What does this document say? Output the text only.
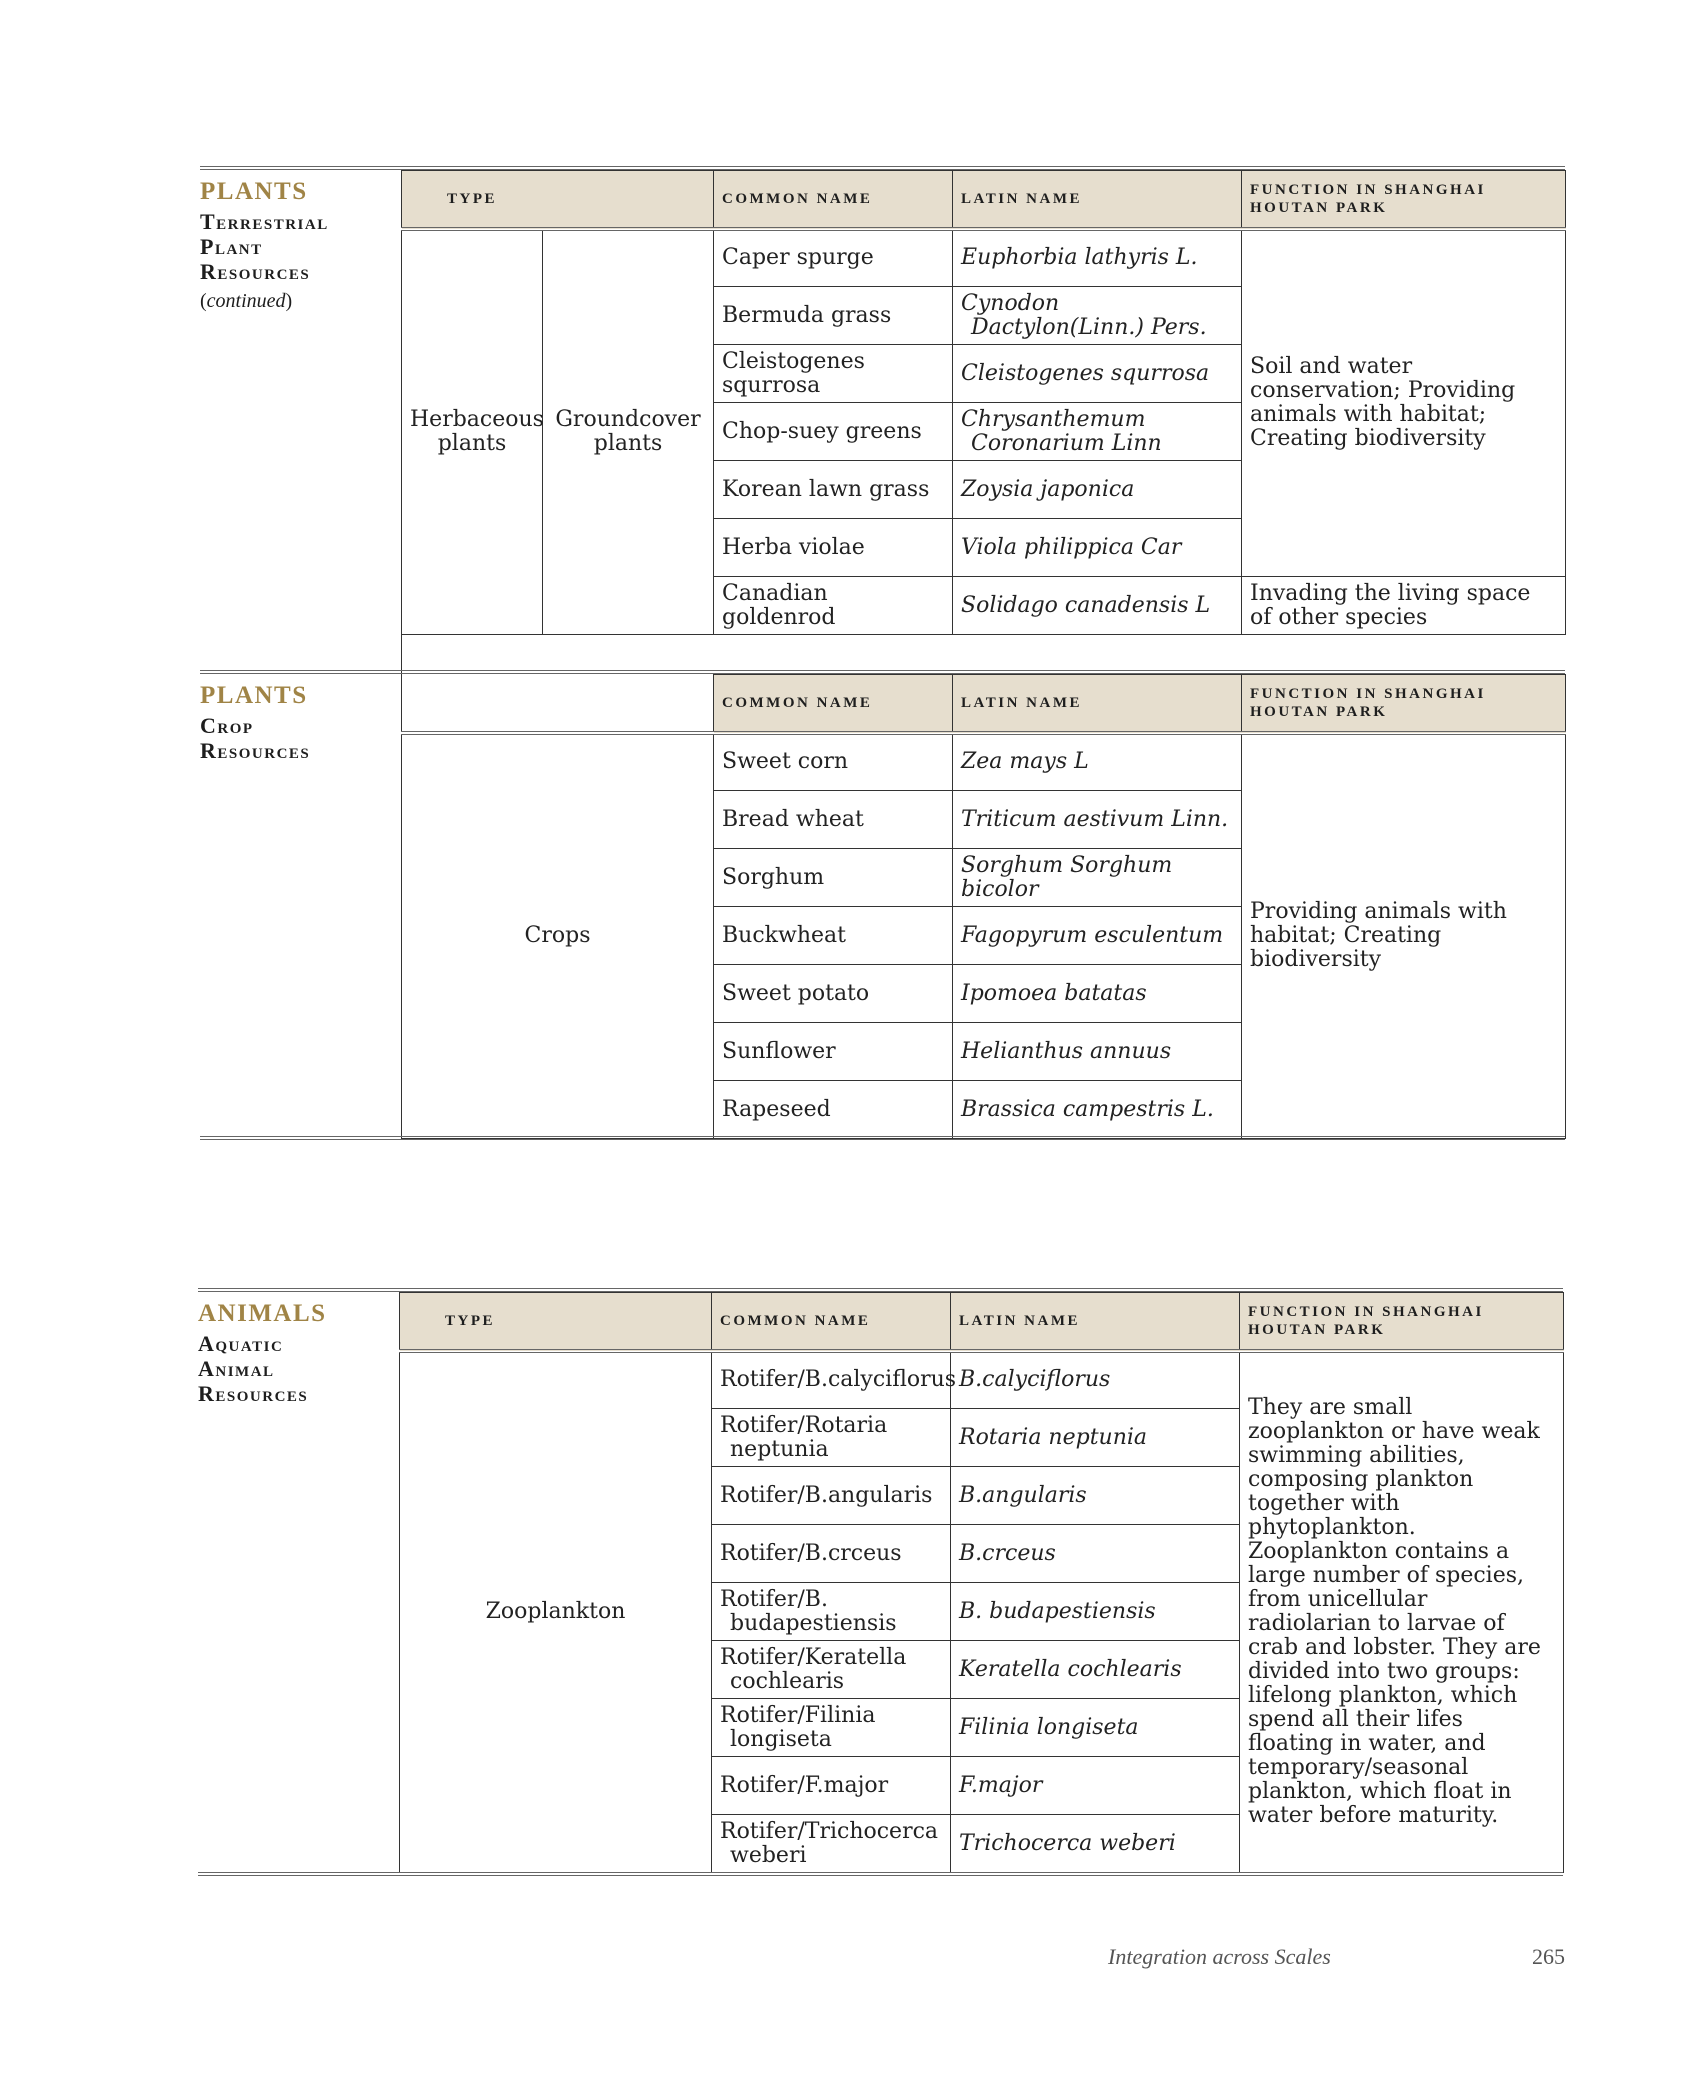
PLANTS
Terrestrial
Plant
Resources
(continued)
TYPE		COMMON NAME	LATIN NAME	FUNCTION IN SHANGHAI HOUTAN PARK
Herbaceous plants	Groundcover plants	Caper spurge	Euphorbia lathyris L.	Soil and water conservation; Providing animals with habitat; Creating biodiversity
		Bermuda grass	Cynodon Dactylon(Linn.) Pers.	
		Cleistogenes squrrosa	Cleistogenes squrrosa	
		Chop-suey greens	Chrysanthemum Coronarium Linn	
		Korean lawn grass	Zoysia japonica	
		Herba violae	Viola philippica Car	
		Canadian goldenrod	Solidago canadensis L	Invading the living space of other species

PLANTS
Crop
Resources
	COMMON NAME	LATIN NAME	FUNCTION IN SHANGHAI HOUTAN PARK
Crops	Sweet corn	Zea mays L	Providing animals with habitat; Creating biodiversity
	Bread wheat	Triticum aestivum Linn.	
	Sorghum	Sorghum Sorghum bicolor	
	Buckwheat	Fagopyrum esculentum	
	Sweet potato	Ipomoea batatas	
	Sunflower	Helianthus annuus	
	Rapeseed	Brassica campestris L.	
ANIMALS
Aquatic
Animal
Resources
TYPE	COMMON NAME	LATIN NAME	FUNCTION IN SHANGHAI HOUTAN PARK
Zooplankton	Rotifer/B.calyciflorus	B.calyciflorus	They are small zooplankton or have weak swimming abilities, composing plankton together with phytoplankton. Zooplankton contains a large number of species, from unicellular radiolarian to larvae of crab and lobster. They are divided into two groups: lifelong plankton, which spend all their lifes floating in water, and temporary/seasonal plankton, which float in water before maturity.
	Rotifer/Rotaria neptunia	Rotaria neptunia	
	Rotifer/B.angularis	B.angularis	
	Rotifer/B.crceus	B.crceus	
	Rotifer/B. budapestiensis	B. budapestiensis	
	Rotifer/Keratella cochlearis	Keratella cochlearis	
	Rotifer/Filinia longiseta	Filinia longiseta	
	Rotifer/F.major	F.major	
	Rotifer/Trichocerca weberi	Trichocerca weberi	
Integration across Scales	265
